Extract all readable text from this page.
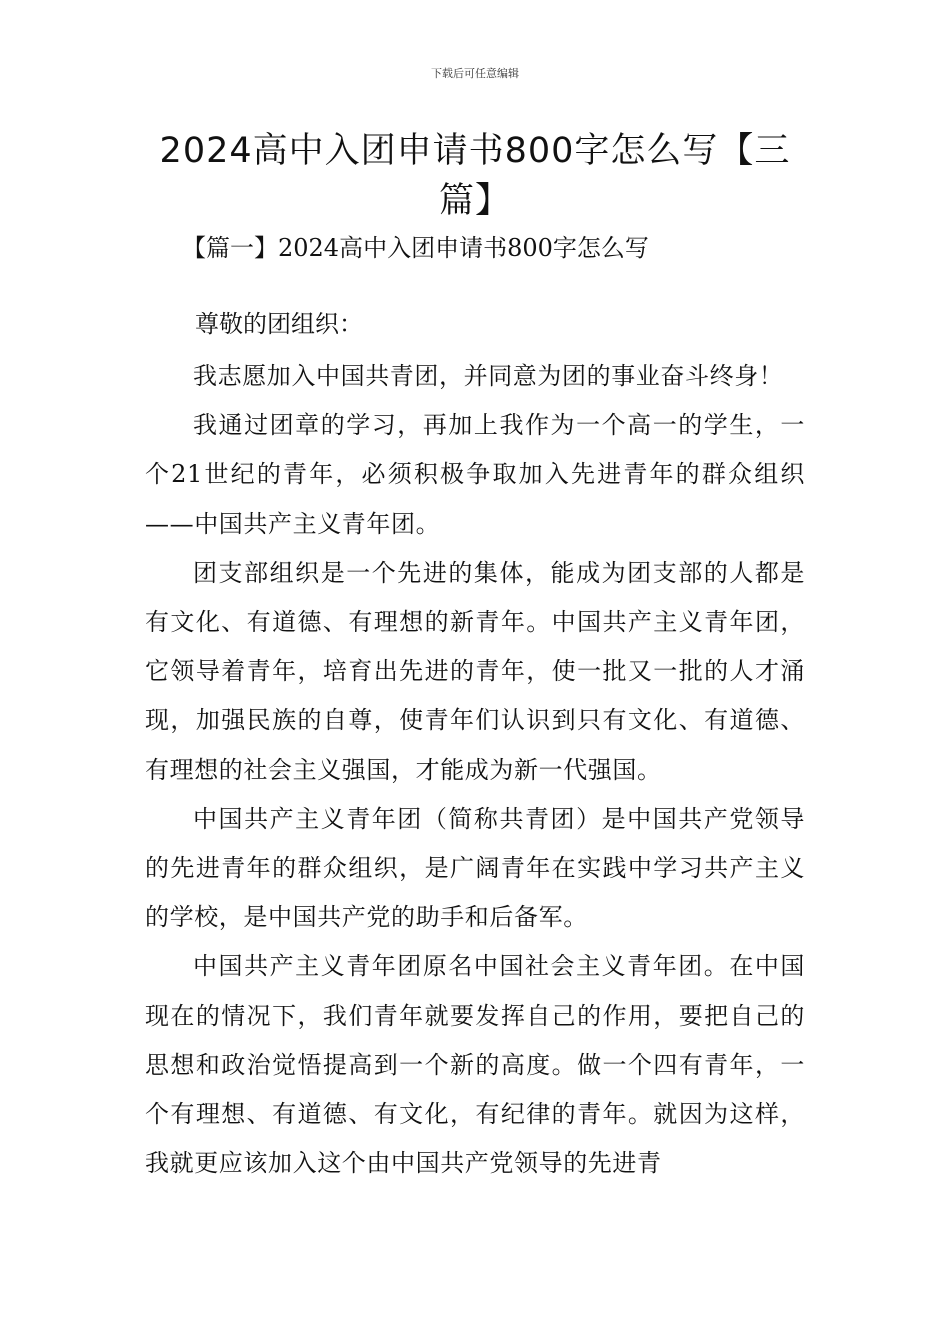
下载后可任意编辑
2024高中入团申请书800字怎么写【三篇】
【篇一】2024高中入团申请书800字怎么写
尊敬的团组织：

我志愿加入中国共青团，并同意为团的事业奋斗终身！

我通过团章的学习，再加上我作为一个高一的学生，一个21世纪的青年，必须积极争取加入先进青年的群众组织——中国共产主义青年团。

团支部组织是一个先进的集体，能成为团支部的人都是有文化、有道德、有理想的新青年。中国共产主义青年团，它领导着青年，培育出先进的青年，使一批又一批的人才涌现，加强民族的自尊，使青年们认识到只有文化、有道德、有理想的社会主义强国，才能成为新一代强国。

中国共产主义青年团（简称共青团）是中国共产党领导的先进青年的群众组织，是广阔青年在实践中学习共产主义的学校，是中国共产党的助手和后备军。

中国共产主义青年团原名中国社会主义青年团。在中国现在的情况下，我们青年就要发挥自己的作用，要把自己的思想和政治觉悟提高到一个新的高度。做一个四有青年，一个有理想、有道德、有文化，有纪律的青年。就因为这样，我就更应该加入这个由中国共产党领导的先进青
